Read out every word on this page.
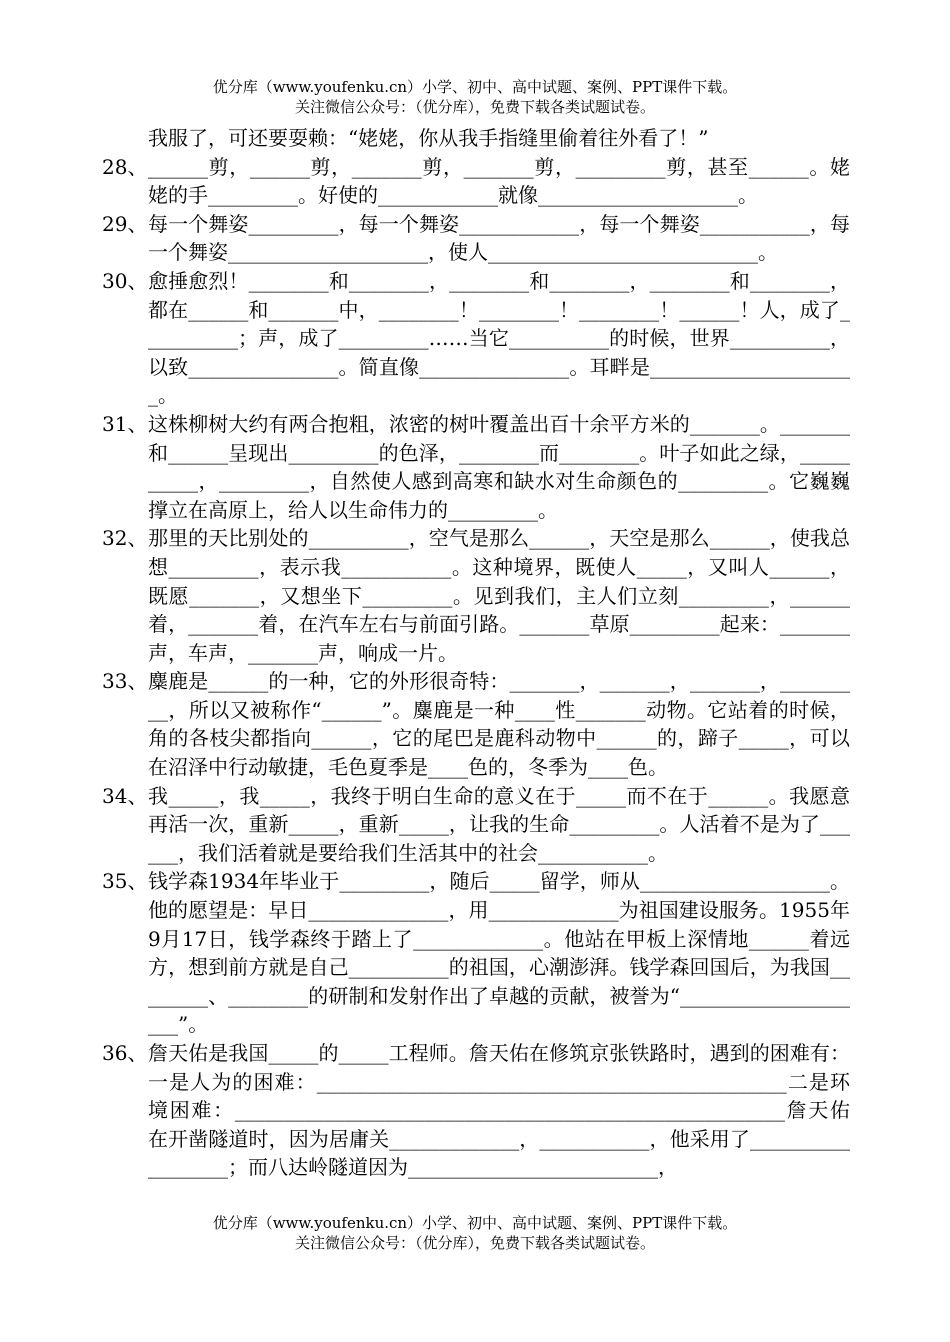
优分库（www.youfenku.cn）小学、初中、高中试题、案例、PPT课件下载。
关注微信公众号：（优分库），免费下载各类试题试卷。
我服了，可还要耍赖：“姥姥，你从我手指缝里偷着往外看了！”
28、 ______剪，______剪，_______剪，_______剪，_________剪，甚至______。姥姥的手_________。好使的____________就像____________________。
29、 每一个舞姿_________，每一个舞姿____________，每一个舞姿___________，每一个舞姿____________________，使人___________________________。
30、 愈捶愈烈！________和________，________和________，________和________，都在______和_______中，________！________！________！______！人，成了__________；声，成了_________……当它__________的时候，世界__________，以致_______________。简直像_______________。耳畔是_____________________。
31、 这株柳树大约有两合抱粗，浓密的树叶覆盖出百十余平方米的_______。_______和______呈现出_________的色泽，________而________。叶子如此之绿，__________，_________，自然使人感到高寒和缺水对生命颜色的_________。它巍巍撑立在高原上，给人以生命伟力的_________。
32、 那里的天比别处的__________，空气是那么______，天空是那么______，使我总想_________，表示我___________。这种境界，既使人_____，又叫人______，既愿_______，又想坐下_________。见到我们，主人们立刻_________，______着，_______着，在汽车左右与前面引路。_______草原_________起来：_______声，车声，_______声，响成一片。
33、 麋鹿是______的一种，它的外形很奇特：_______，_______，_______，_________，所以又被称作“______”。麋鹿是一种____性_______动物。它站着的时候，角的各枝尖都指向______，它的尾巴是鹿科动物中______的，蹄子_____，可以在沼泽中行动敏捷，毛色夏季是____色的，冬季为____色。
34、 我_____，我_____，我终于明白生命的意义在于_____而不在于______。我愿意再活一次，重新_____，重新_____，让我的生命_________。人活着不是为了______，我们活着就是要给我们生活其中的社会___________。
35、 钱学森1934年毕业于_________，随后_____留学，师从___________________。他的愿望是：早日______________，用_____________为祖国建设服务。1955年9月17日，钱学森终于踏上了_____________。他站在甲板上深情地______着远方，想到前方就是自己__________的祖国，心潮澎湃。钱学森回国后，为我国________、________的研制和发射作出了卓越的贡献，被誉为“____________________”。
36、 詹天佑是我国_____的_____工程师。詹天佑在修筑京张铁路时，遇到的困难有：一是人为的困难：_______________________________________________二是环境困难：_______________________________________________________詹天佑在开凿隧道时，因为居庸关_____________，___________，他采用了__________________；而八达岭隧道因为_________________________，
优分库（www.youfenku.cn）小学、初中、高中试题、案例、PPT课件下载。
关注微信公众号：（优分库），免费下载各类试题试卷。
